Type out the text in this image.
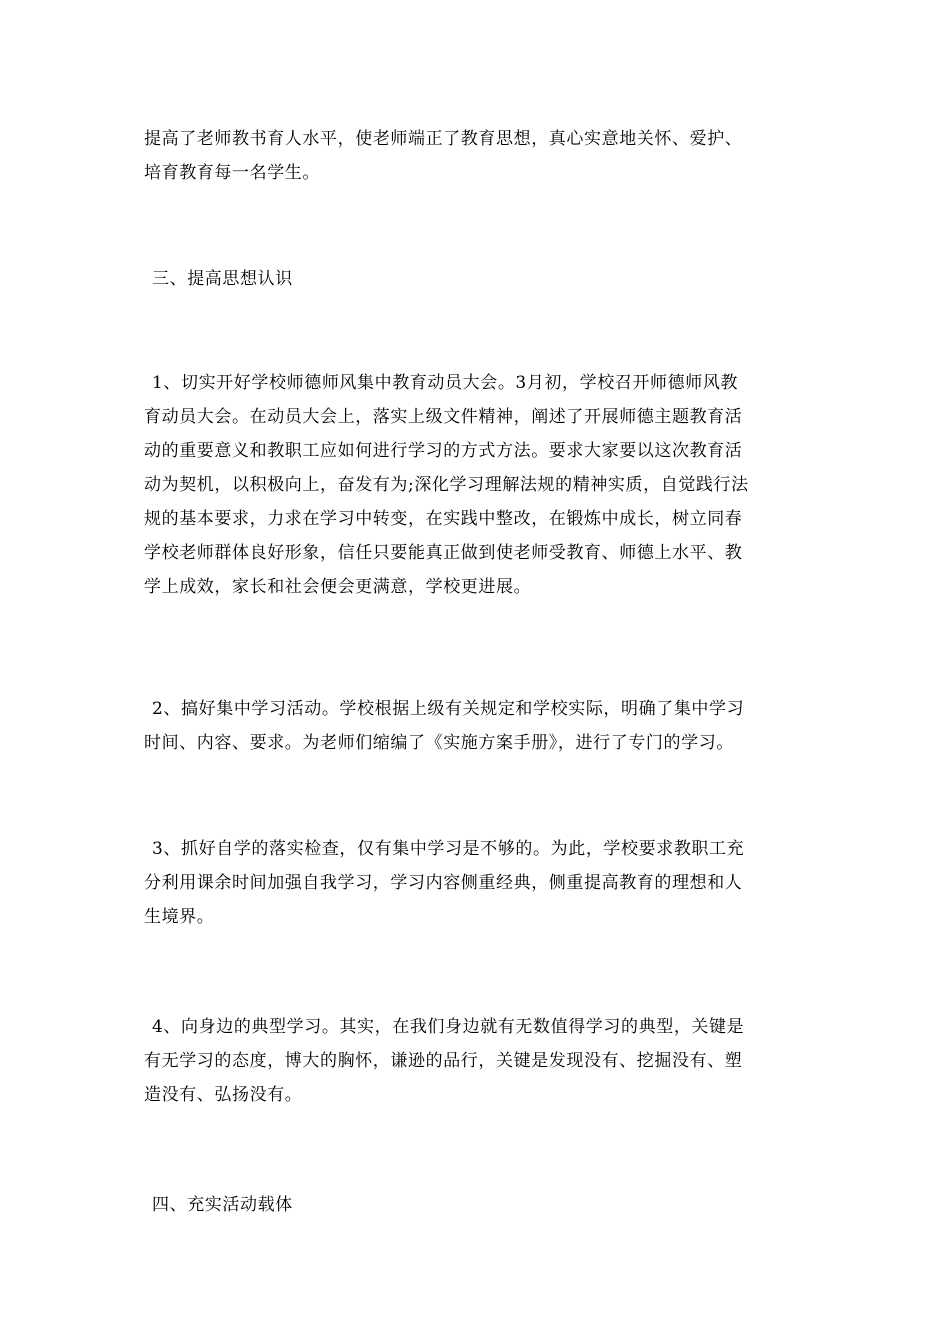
提高了老师教书育人水平，使老师端正了教育思想，真心实意地关怀、爱护、
培育教育每一名学生。
三、提高思想认识
1、切实开好学校师德师风集中教育动员大会。3月初，学校召开师德师风教
育动员大会。在动员大会上，落实上级文件精神，阐述了开展师德主题教育活
动的重要意义和教职工应如何进行学习的方式方法。要求大家要以这次教育活
动为契机，以积极向上，奋发有为;深化学习理解法规的精神实质，自觉践行法
规的基本要求，力求在学习中转变，在实践中整改，在锻炼中成长，树立同春
学校老师群体良好形象，信任只要能真正做到使老师受教育、师德上水平、教
学上成效，家长和社会便会更满意，学校更进展。
2、搞好集中学习活动。学校根据上级有关规定和学校实际，明确了集中学习
时间、内容、要求。为老师们缩编了《实施方案手册》，进行了专门的学习。
3、抓好自学的落实检查，仅有集中学习是不够的。为此，学校要求教职工充
分利用课余时间加强自我学习，学习内容侧重经典，侧重提高教育的理想和人
生境界。
4、向身边的典型学习。其实，在我们身边就有无数值得学习的典型，关键是
有无学习的态度，博大的胸怀，谦逊的品行，关键是发现没有、挖掘没有、塑
造没有、弘扬没有。
四、充实活动载体
